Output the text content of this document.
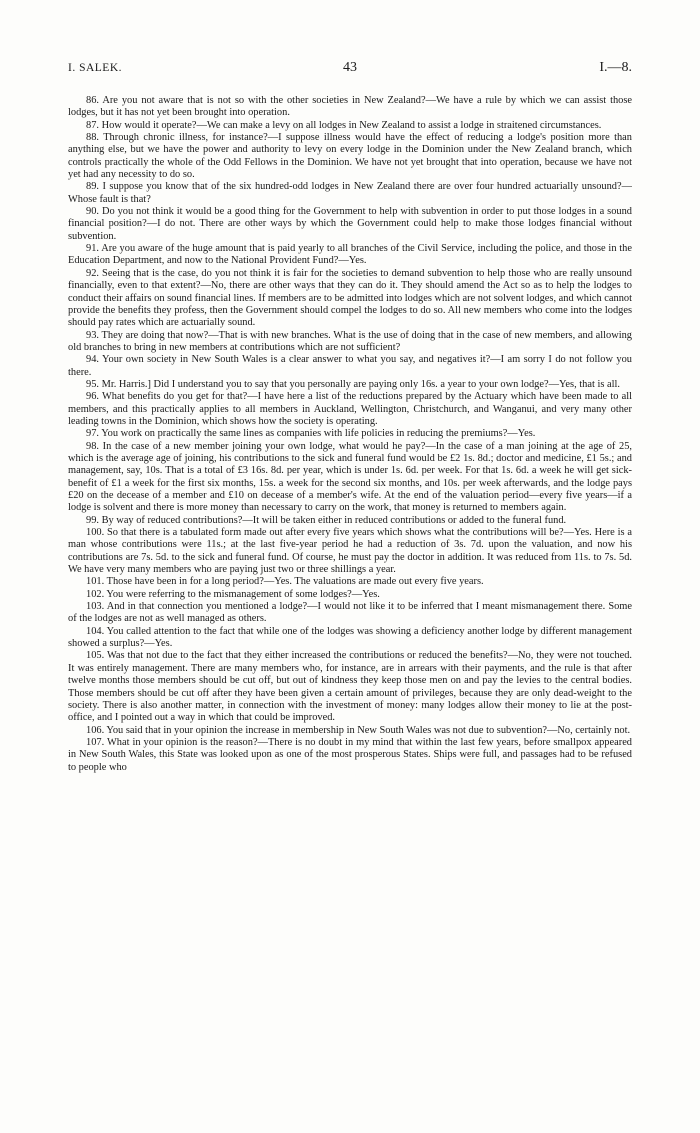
I. SALEK.	43	I.—8.

86. Are you not aware that is not so with the other societies in New Zealand?—We have a rule by which we can assist those lodges, but it has not yet been brought into operation.

87. How would it operate?—We can make a levy on all lodges in New Zealand to assist a lodge in straitened circumstances.

88. Through chronic illness, for instance?—I suppose illness would have the effect of reducing a lodge's position more than anything else, but we have the power and authority to levy on every lodge in the Dominion under the New Zealand branch, which controls practically the whole of the Odd Fellows in the Dominion. We have not yet brought that into operation, because we have not yet had any necessity to do so.

89. I suppose you know that of the six hundred-odd lodges in New Zealand there are over four hundred actuarially unsound?—Whose fault is that?

90. Do you not think it would be a good thing for the Government to help with subvention in order to put those lodges in a sound financial position?—I do not. There are other ways by which the Government could help to make those lodges financial without subvention.

91. Are you aware of the huge amount that is paid yearly to all branches of the Civil Service, including the police, and those in the Education Department, and now to the National Provident Fund?—Yes.

92. Seeing that is the case, do you not think it is fair for the societies to demand subvention to help those who are really unsound financially, even to that extent?—No, there are other ways that they can do it. They should amend the Act so as to help the lodges to conduct their affairs on sound financial lines. If members are to be admitted into lodges which are not solvent lodges, and which cannot provide the benefits they profess, then the Government should compel the lodges to do so. All new members who come into the lodges should pay rates which are actuarially sound.

93. They are doing that now?—That is with new branches. What is the use of doing that in the case of new members, and allowing old branches to bring in new members at contributions which are not sufficient?

94. Your own society in New South Wales is a clear answer to what you say, and negatives it?—I am sorry I do not follow you there.

95. Mr. Harris.] Did I understand you to say that you personally are paying only 16s. a year to your own lodge?—Yes, that is all.

96. What benefits do you get for that?—I have here a list of the reductions prepared by the Actuary which have been made to all members, and this practically applies to all members in Auckland, Wellington, Christchurch, and Wanganui, and very many other leading towns in the Dominion, which shows how the society is operating.

97. You work on practically the same lines as companies with life policies in reducing the premiums?—Yes.

98. In the case of a new member joining your own lodge, what would he pay?—In the case of a man joining at the age of 25, which is the average age of joining, his contributions to the sick and funeral fund would be £2 1s. 8d.; doctor and medicine, £1 5s.; and management, say, 10s. That is a total of £3 16s. 8d. per year, which is under 1s. 6d. per week. For that 1s. 6d. a week he will get sick-benefit of £1 a week for the first six months, 15s. a week for the second six months, and 10s. per week afterwards, and the lodge pays £20 on the decease of a member and £10 on decease of a member's wife. At the end of the valuation period—every five years—if a lodge is solvent and there is more money than necessary to carry on the work, that money is returned to members again.

99. By way of reduced contributions?—It will be taken either in reduced contributions or added to the funeral fund.

100. So that there is a tabulated form made out after every five years which shows what the contributions will be?—Yes. Here is a man whose contributions were 11s.; at the last five-year period he had a reduction of 3s. 7d. upon the valuation, and now his contributions are 7s. 5d. to the sick and funeral fund. Of course, he must pay the doctor in addition. It was reduced from 11s. to 7s. 5d. We have very many members who are paying just two or three shillings a year.

101. Those have been in for a long period?—Yes. The valuations are made out every five years.

102. You were referring to the mismanagement of some lodges?—Yes.

103. And in that connection you mentioned a lodge?—I would not like it to be inferred that I meant mismanagement there. Some of the lodges are not as well managed as others.

104. You called attention to the fact that while one of the lodges was showing a deficiency another lodge by different management showed a surplus?—Yes.

105. Was that not due to the fact that they either increased the contributions or reduced the benefits?—No, they were not touched. It was entirely management. There are many members who, for instance, are in arrears with their payments, and the rule is that after twelve months those members should be cut off, but out of kindness they keep those men on and pay the levies to the central bodies. Those members should be cut off after they have been given a certain amount of privileges, because they are only dead-weight to the society. There is also another matter, in connection with the investment of money: many lodges allow their money to lie at the post-office, and I pointed out a way in which that could be improved.

106. You said that in your opinion the increase in membership in New South Wales was not due to subvention?—No, certainly not.

107. What in your opinion is the reason?—There is no doubt in my mind that within the last few years, before smallpox appeared in New South Wales, this State was looked upon as one of the most prosperous States. Ships were full, and passages had to be refused to people who
